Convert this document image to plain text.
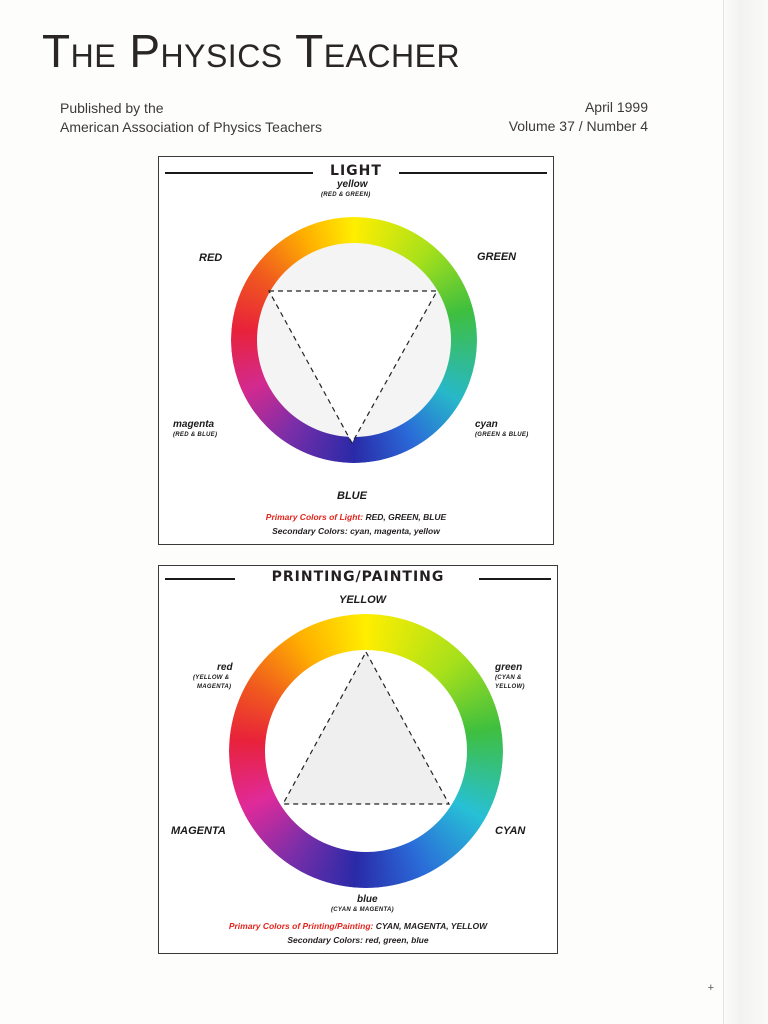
The Physics Teacher
Published by the
American Association of Physics Teachers
April 1999
Volume 37 / Number 4
LIGHT
yellow
(RED & GREEN)
RED	GREEN
magenta
(RED & BLUE)
cyan
(GREEN & BLUE)
BLUE
Primary Colors of Light: RED, GREEN, BLUE
Secondary Colors: cyan, magenta, yellow
PRINTING/PAINTING
YELLOW
red
(YELLOW &
MAGENTA)
green
(CYAN &
YELLOW)
MAGENTA	CYAN
blue
(CYAN & MAGENTA)
Primary Colors of Printing/Painting: CYAN, MAGENTA, YELLOW
Secondary Colors: red, green, blue
+
